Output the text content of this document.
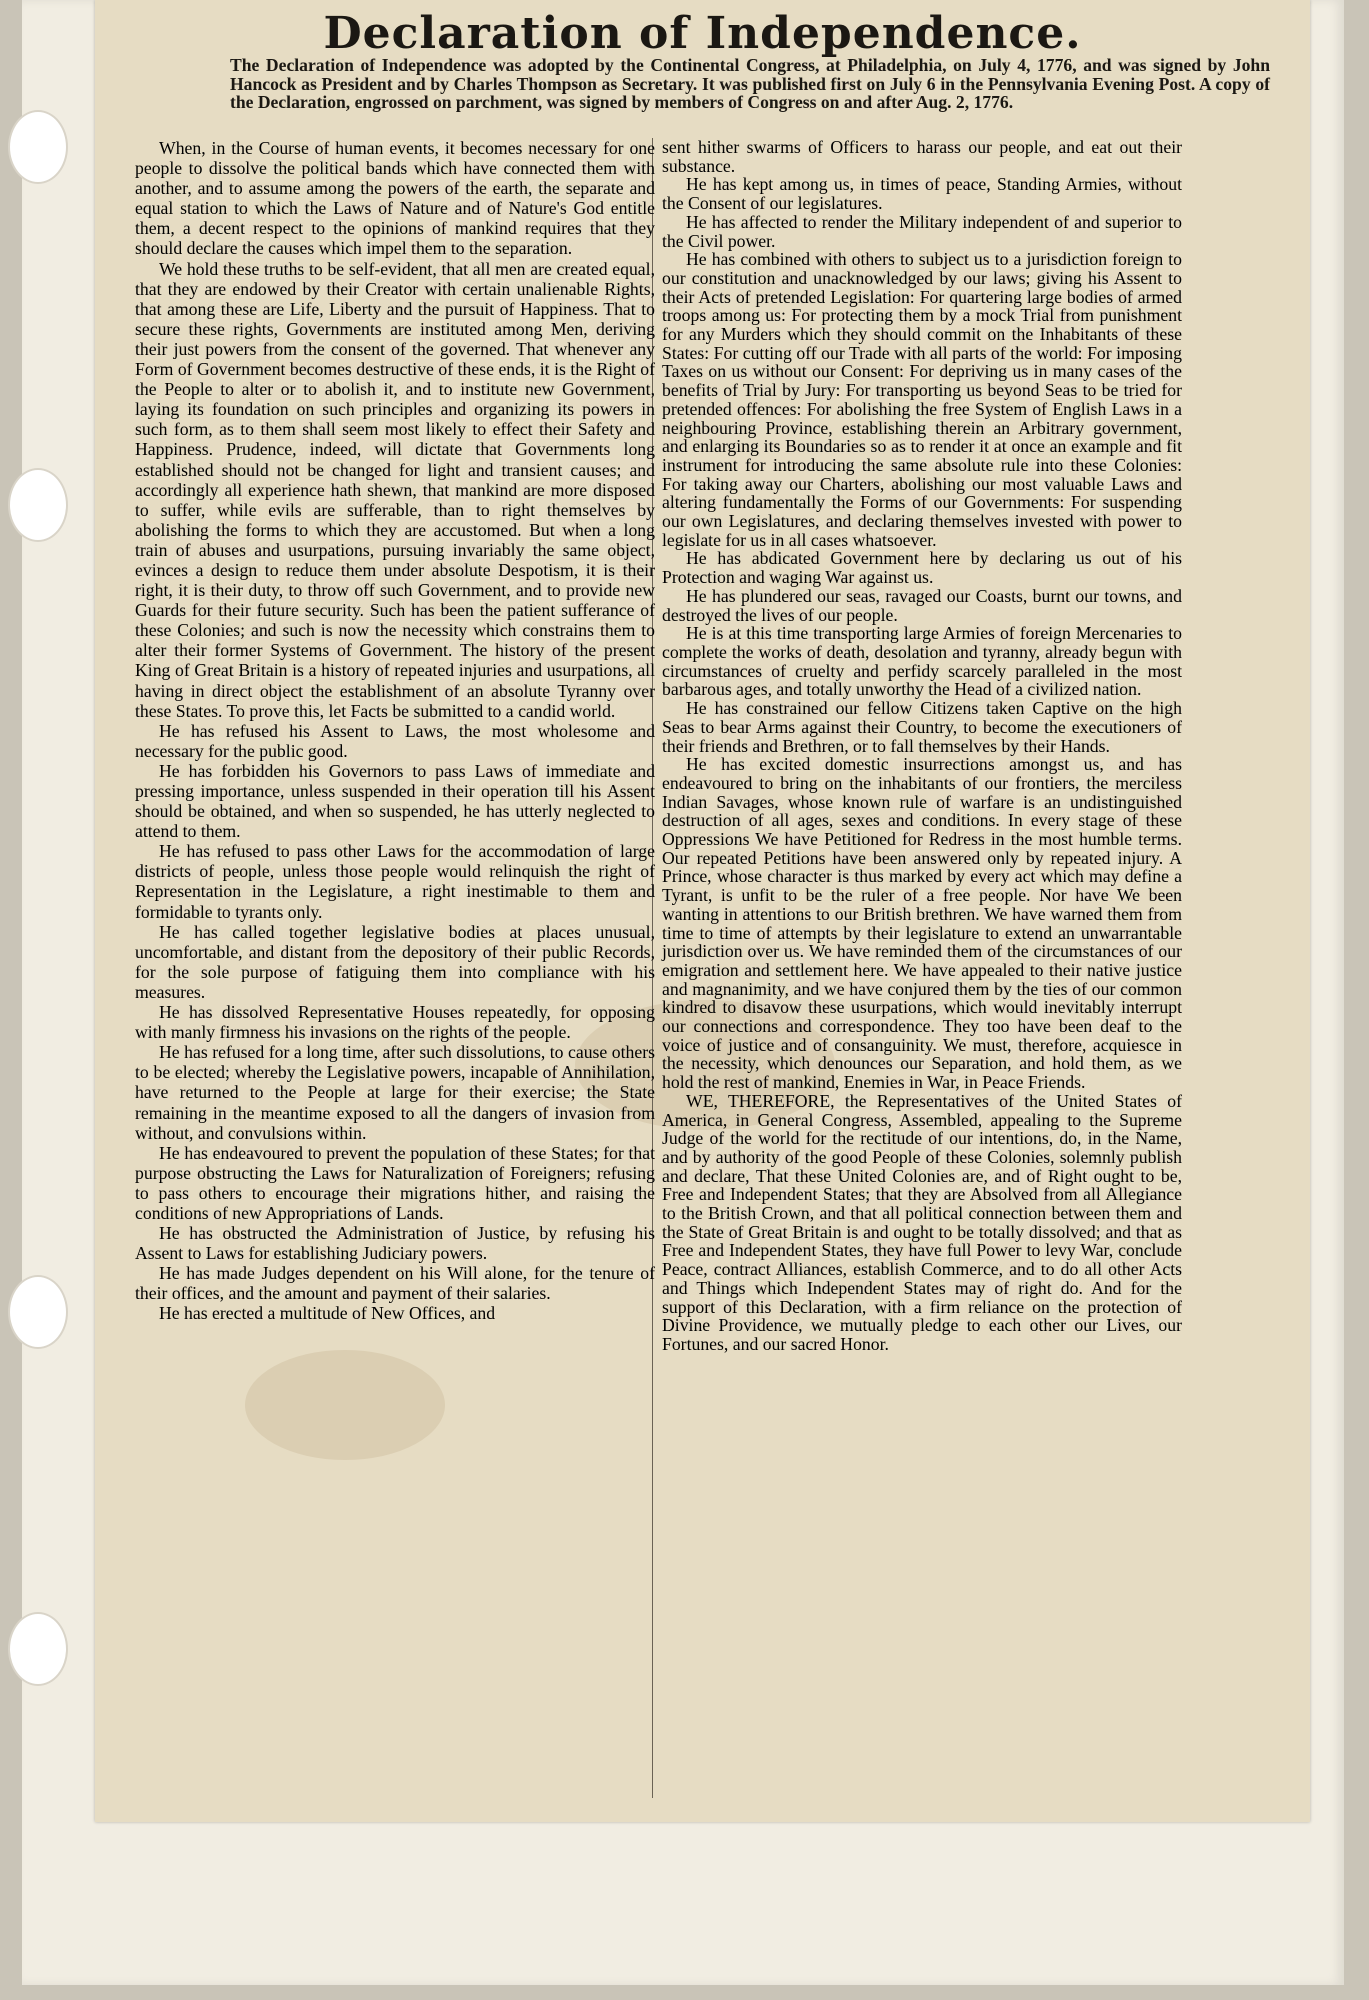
Declaration of Independence.

The Declaration of Independence was adopted by the Continental Congress, at Philadelphia, on July 4, 1776, and was signed by John Hancock as President and by Charles Thompson as Secretary. It was published first on July 6 in the Pennsylvania Evening Post. A copy of the Declaration, engrossed on parchment, was signed by members of Congress on and after Aug. 2, 1776.

When, in the Course of human events, it becomes necessary for one people to dissolve the political bands which have connected them with another, and to assume among the powers of the earth, the separate and equal station to which the Laws of Nature and of Nature's God entitle them, a decent respect to the opinions of mankind requires that they should declare the causes which impel them to the separation.

We hold these truths to be self-evident, that all men are created equal, that they are endowed by their Creator with certain unalienable Rights, that among these are Life, Liberty and the pursuit of Happiness. That to secure these rights, Governments are instituted among Men, deriving their just powers from the consent of the governed. That whenever any Form of Government becomes destructive of these ends, it is the Right of the People to alter or to abolish it, and to institute new Government, laying its foundation on such principles and organizing its powers in such form, as to them shall seem most likely to effect their Safety and Happiness. Prudence, indeed, will dictate that Governments long established should not be changed for light and transient causes; and accordingly all experience hath shewn, that mankind are more disposed to suffer, while evils are sufferable, than to right themselves by abolishing the forms to which they are accustomed. But when a long train of abuses and usurpations, pursuing invariably the same object, evinces a design to reduce them under absolute Despotism, it is their right, it is their duty, to throw off such Government, and to provide new Guards for their future security. Such has been the patient sufferance of these Colonies; and such is now the necessity which constrains them to alter their former Systems of Government. The history of the present King of Great Britain is a history of repeated injuries and usurpations, all having in direct object the establishment of an absolute Tyranny over these States. To prove this, let Facts be submitted to a candid world.

He has refused his Assent to Laws, the most wholesome and necessary for the public good.

He has forbidden his Governors to pass Laws of immediate and pressing importance, unless suspended in their operation till his Assent should be obtained, and when so suspended, he has utterly neglected to attend to them.

He has refused to pass other Laws for the accommodation of large districts of people, unless those people would relinquish the right of Representation in the Legislature, a right inestimable to them and formidable to tyrants only.

He has called together legislative bodies at places unusual, uncomfortable, and distant from the depository of their public Records, for the sole purpose of fatiguing them into compliance with his measures.

He has dissolved Representative Houses repeatedly, for opposing with manly firmness his invasions on the rights of the people.

He has refused for a long time, after such dissolutions, to cause others to be elected; whereby the Legislative powers, incapable of Annihilation, have returned to the People at large for their exercise; the State remaining in the meantime exposed to all the dangers of invasion from without, and convulsions within.

He has endeavoured to prevent the population of these States; for that purpose obstructing the Laws for Naturalization of Foreigners; refusing to pass others to encourage their migrations hither, and raising the conditions of new Appropriations of Lands.

He has obstructed the Administration of Justice, by refusing his Assent to Laws for establishing Judiciary powers.

He has made Judges dependent on his Will alone, for the tenure of their offices, and the amount and payment of their salaries.

He has erected a multitude of New Offices, and

sent hither swarms of Officers to harass our people, and eat out their substance.

He has kept among us, in times of peace, Standing Armies, without the Consent of our legislatures.

He has affected to render the Military independent of and superior to the Civil power.

He has combined with others to subject us to a jurisdiction foreign to our constitution and unacknowledged by our laws; giving his Assent to their Acts of pretended Legislation: For quartering large bodies of armed troops among us: For protecting them by a mock Trial from punishment for any Murders which they should commit on the Inhabitants of these States: For cutting off our Trade with all parts of the world: For imposing Taxes on us without our Consent: For depriving us in many cases of the benefits of Trial by Jury: For transporting us beyond Seas to be tried for pretended offences: For abolishing the free System of English Laws in a neighbouring Province, establishing therein an Arbitrary government, and enlarging its Boundaries so as to render it at once an example and fit instrument for introducing the same absolute rule into these Colonies: For taking away our Charters, abolishing our most valuable Laws and altering fundamentally the Forms of our Governments: For suspending our own Legislatures, and declaring themselves invested with power to legislate for us in all cases whatsoever.

He has abdicated Government here by declaring us out of his Protection and waging War against us.

He has plundered our seas, ravaged our Coasts, burnt our towns, and destroyed the lives of our people.

He is at this time transporting large Armies of foreign Mercenaries to complete the works of death, desolation and tyranny, already begun with circumstances of cruelty and perfidy scarcely paralleled in the most barbarous ages, and totally unworthy the Head of a civilized nation.

He has constrained our fellow Citizens taken Captive on the high Seas to bear Arms against their Country, to become the executioners of their friends and Brethren, or to fall themselves by their Hands.

He has excited domestic insurrections amongst us, and has endeavoured to bring on the inhabitants of our frontiers, the merciless Indian Savages, whose known rule of warfare is an undistinguished destruction of all ages, sexes and conditions. In every stage of these Oppressions We have Petitioned for Redress in the most humble terms. Our repeated Petitions have been answered only by repeated injury. A Prince, whose character is thus marked by every act which may define a Tyrant, is unfit to be the ruler of a free people. Nor have We been wanting in attentions to our British brethren. We have warned them from time to time of attempts by their legislature to extend an unwarrantable jurisdiction over us. We have reminded them of the circumstances of our emigration and settlement here. We have appealed to their native justice and magnanimity, and we have conjured them by the ties of our common kindred to disavow these usurpations, which would inevitably interrupt our connections and correspondence. They too have been deaf to the voice of justice and of consanguinity. We must, therefore, acquiesce in the necessity, which denounces our Separation, and hold them, as we hold the rest of mankind, Enemies in War, in Peace Friends.

WE, THEREFORE, the Representatives of the United States of America, in General Congress, Assembled, appealing to the Supreme Judge of the world for the rectitude of our intentions, do, in the Name, and by authority of the good People of these Colonies, solemnly publish and declare, That these United Colonies are, and of Right ought to be, Free and Independent States; that they are Absolved from all Allegiance to the British Crown, and that all political connection between them and the State of Great Britain is and ought to be totally dissolved; and that as Free and Independent States, they have full Power to levy War, conclude Peace, contract Alliances, establish Commerce, and to do all other Acts and Things which Independent States may of right do. And for the support of this Declaration, with a firm reliance on the protection of Divine Providence, we mutually pledge to each other our Lives, our Fortunes, and our sacred Honor.
